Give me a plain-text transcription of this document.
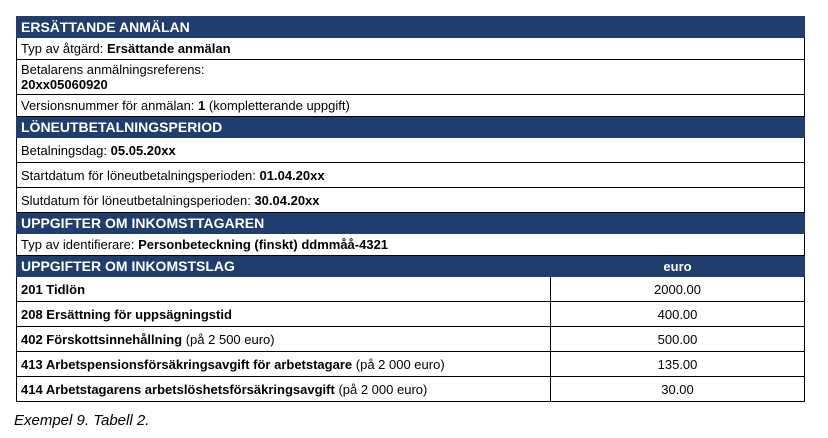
ERSÄTTANDE ANMÄLAN	
Typ av åtgärd: Ersättande anmälan	

Betalarens anmälningsreferens:
20xx05060920	
Versionsnummer för anmälan: 1 (kompletterande uppgift)	
LÖNEUTBETALNINGSPERIOD	
Betalningsdag: 05.05.20xx	
Startdatum för löneutbetalningsperioden: 01.04.20xx	
Slutdatum för löneutbetalningsperioden: 30.04.20xx	
UPPGIFTER OM INKOMSTTAGAREN	
Typ av identifierare: Personbeteckning (finskt) ddmmåå-4321	
UPPGIFTER OM INKOMSTSLAG	euro
201 Tidlön	2000.00
208 Ersättning för uppsägningstid	400.00
402 Förskottsinnehållning (på 2 500 euro)	500.00
413 Arbetspensionsförsäkringsavgift för arbetstagare (på 2 000 euro)	135.00
414 Arbetstagarens arbetslöshetsförsäkringsavgift (på 2 000 euro)	30.00
Exempel 9. Tabell 2.
